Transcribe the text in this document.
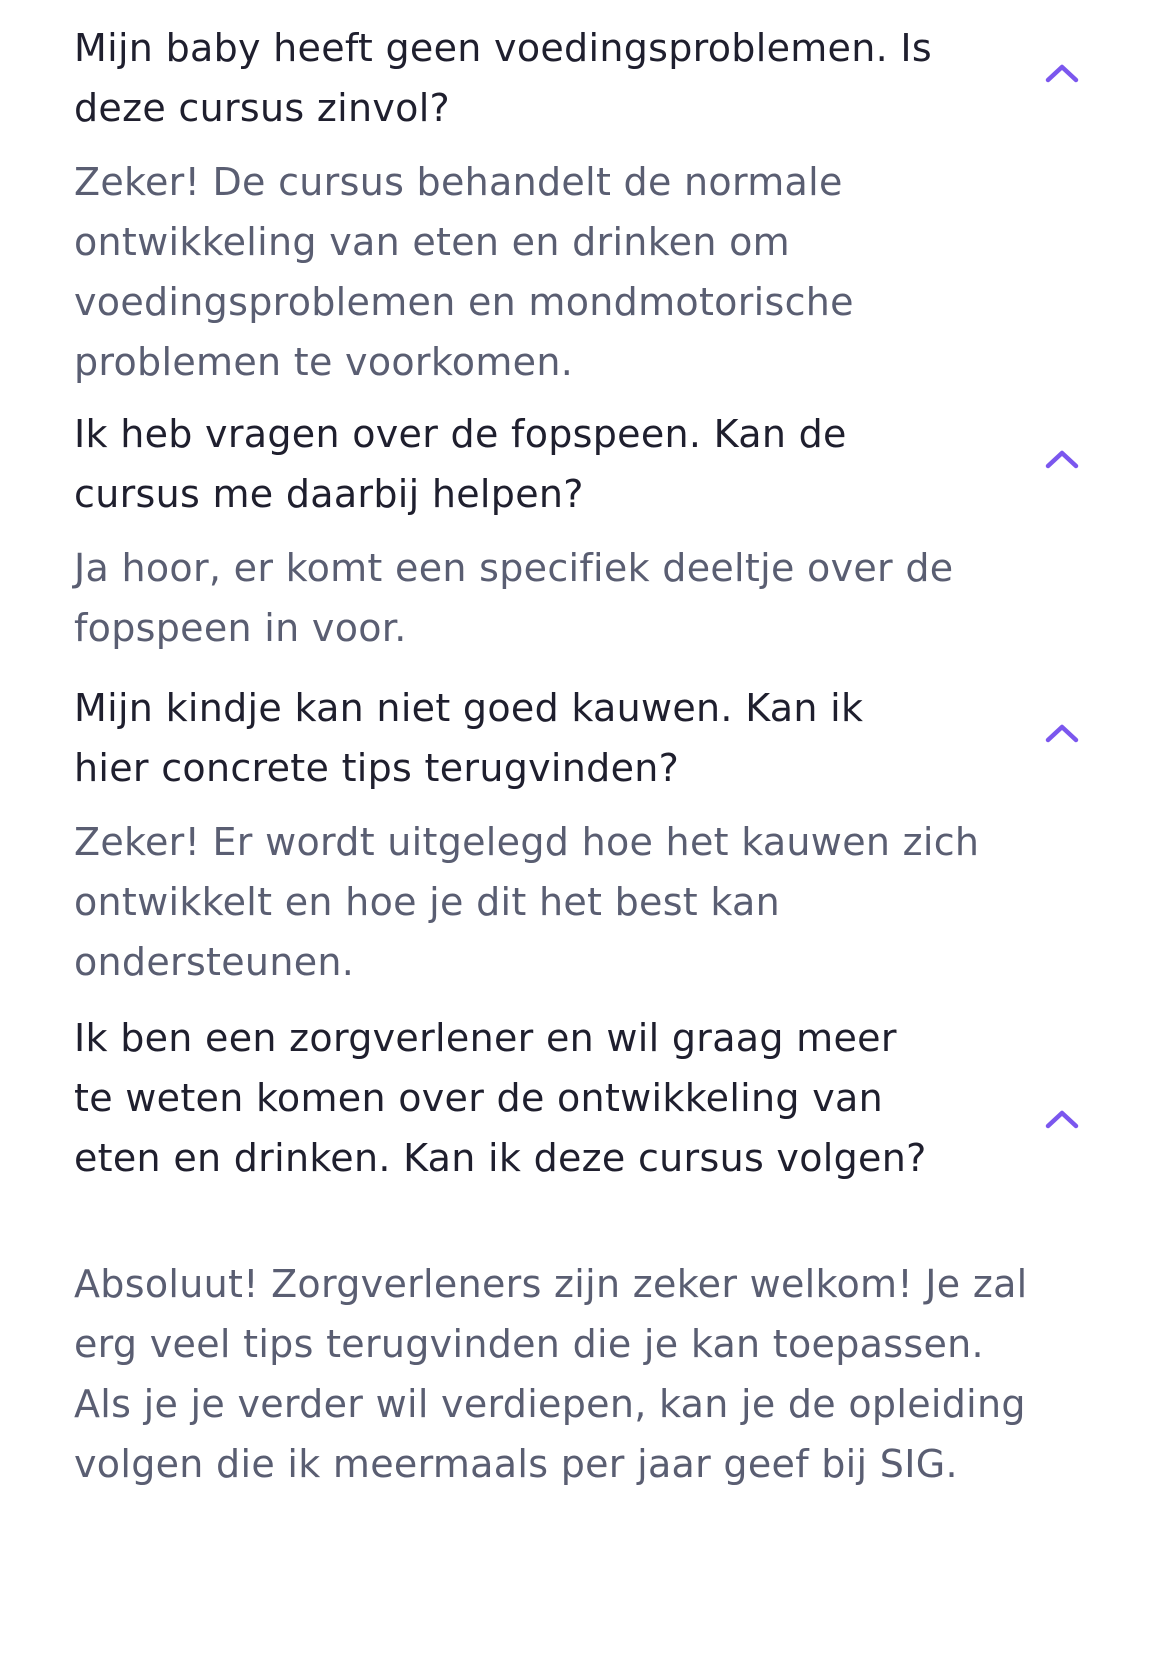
Mijn baby heeft geen voedingsproblemen. Is deze cursus zinvol?
Zeker! De cursus behandelt de normale ontwikkeling van eten en drinken om voedingsproblemen en mondmotorische problemen te voorkomen.
Ik heb vragen over de fopspeen. Kan de cursus me daarbij helpen?
Ja hoor, er komt een specifiek deeltje over de fopspeen in voor.
Mijn kindje kan niet goed kauwen. Kan ik hier concrete tips terugvinden?
Zeker! Er wordt uitgelegd hoe het kauwen zich ontwikkelt en hoe je dit het best kan ondersteunen.
Ik ben een zorgverlener en wil graag meer te weten komen over de ontwikkeling van eten en drinken. Kan ik deze cursus volgen?
Absoluut! Zorgverleners zijn zeker welkom! Je zal erg veel tips terugvinden die je kan toepassen. Als je je verder wil verdiepen, kan je de opleiding volgen die ik meermaals per jaar geef bij SIG.
